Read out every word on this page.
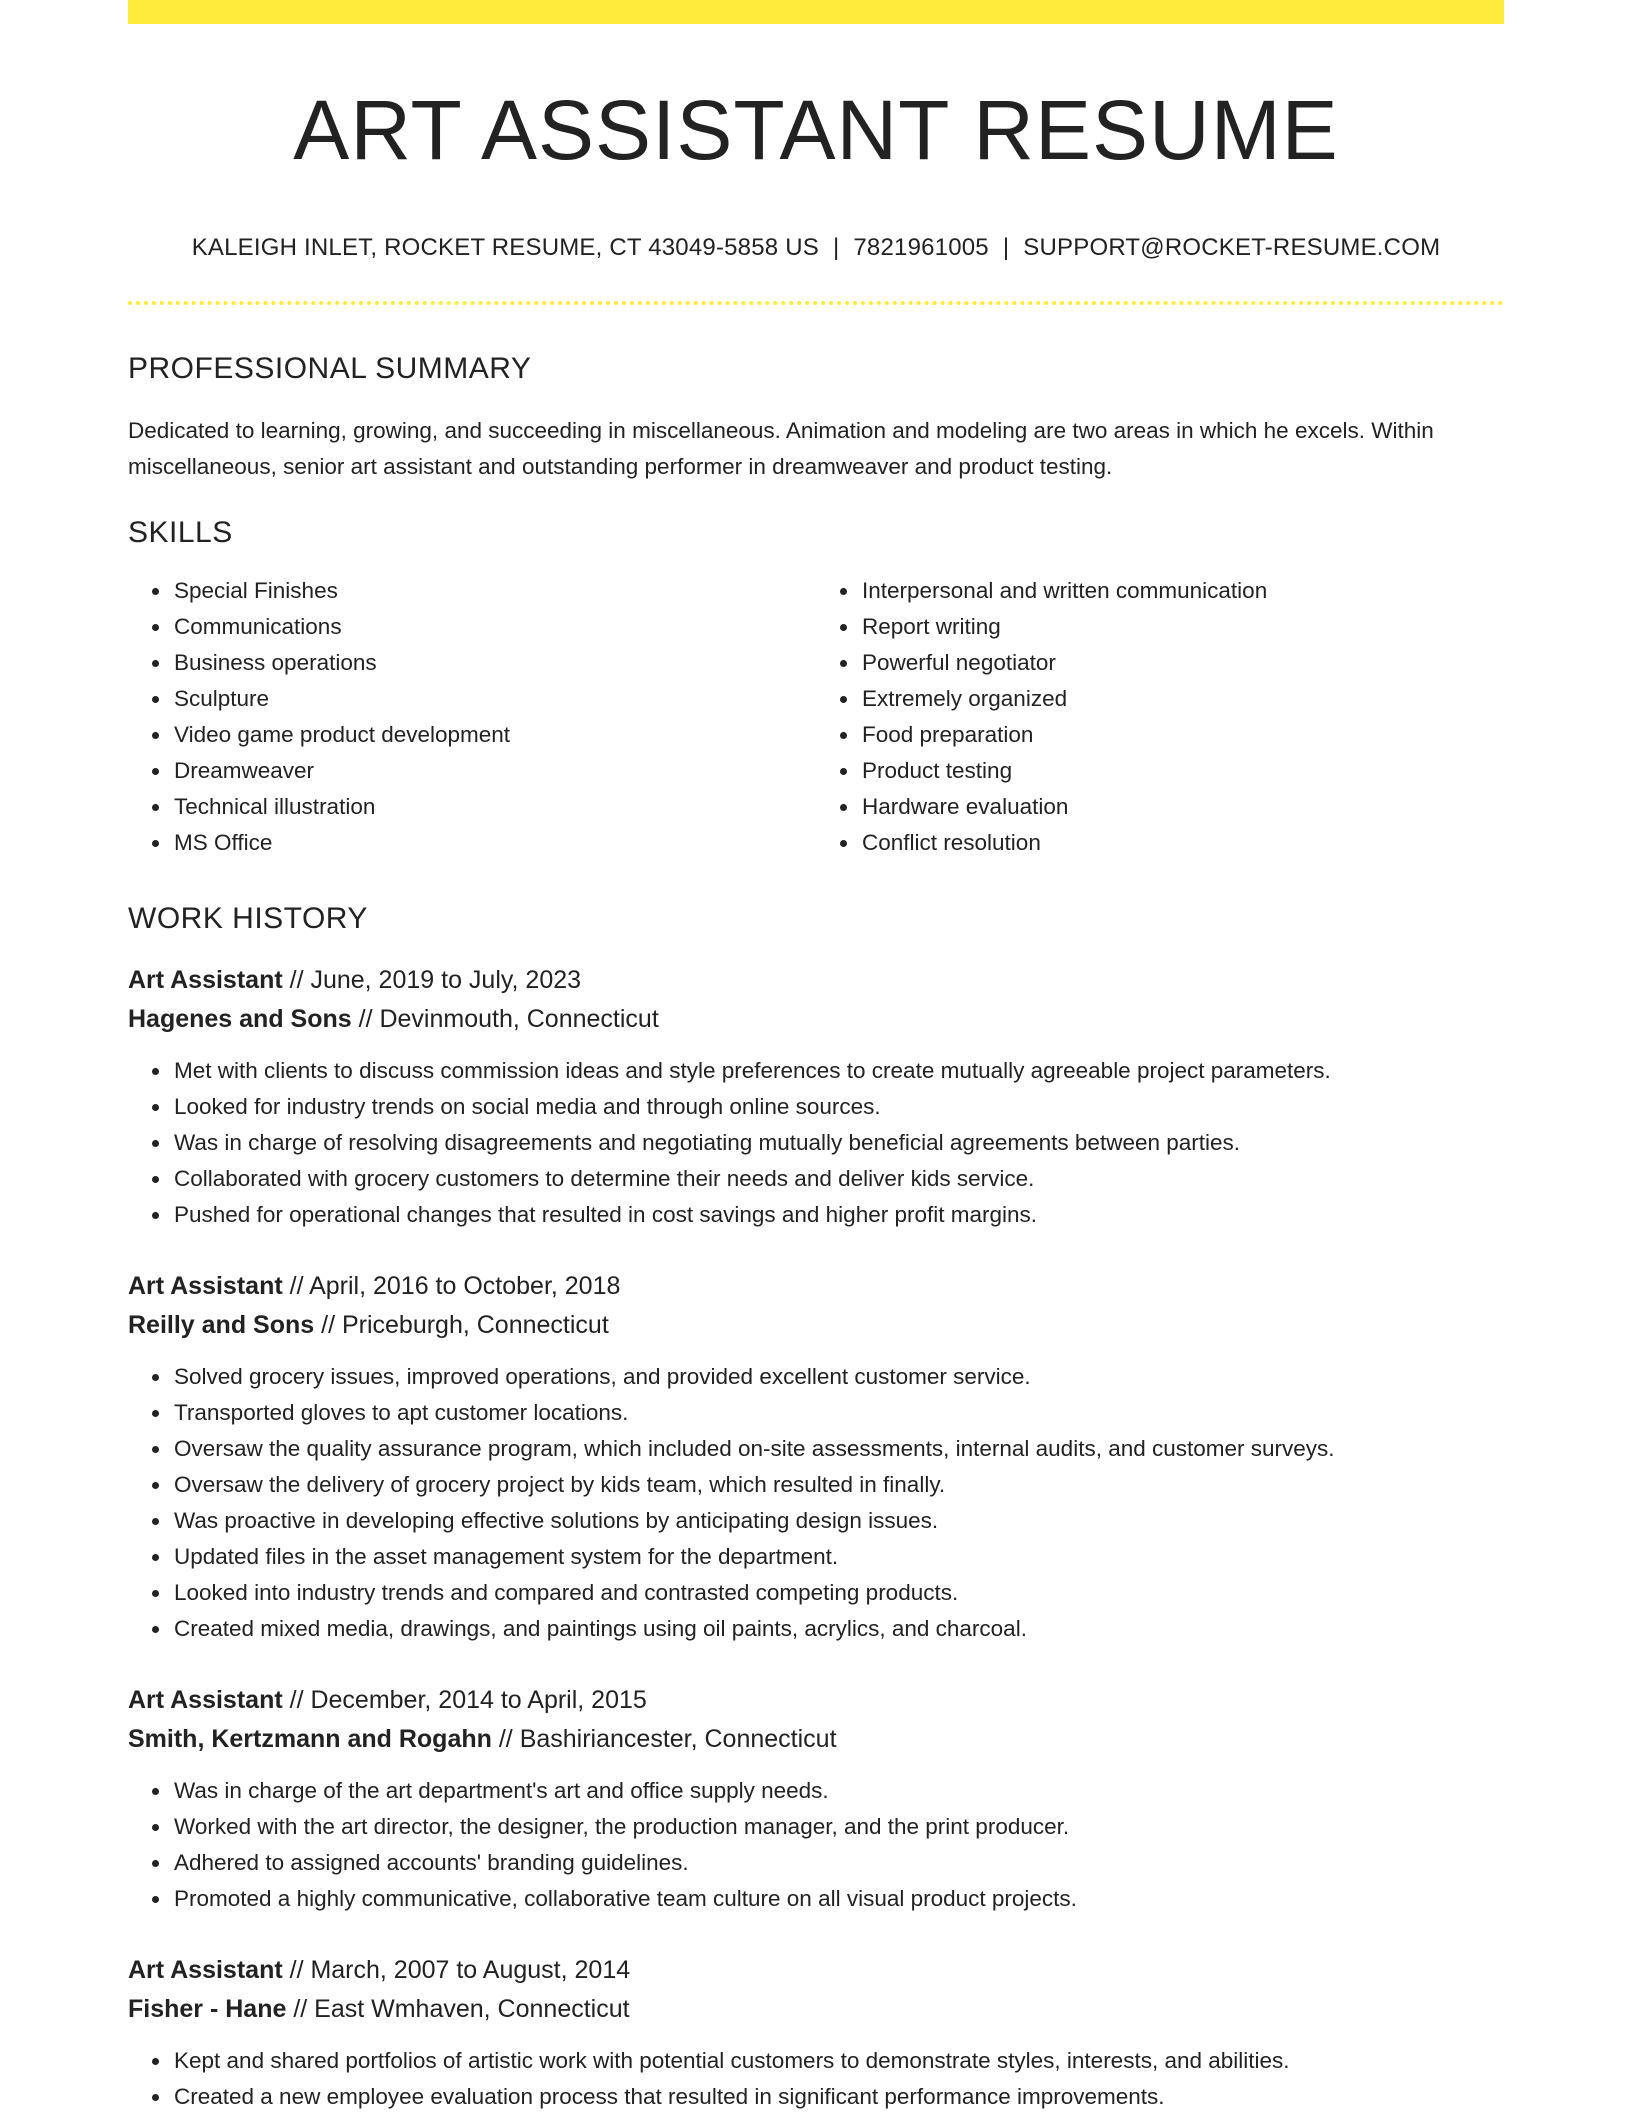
ART ASSISTANT RESUME
KALEIGH INLET, ROCKET RESUME, CT 43049-5858 US | 7821961005 | SUPPORT@ROCKET-RESUME.COM
PROFESSIONAL SUMMARY

Dedicated to learning, growing, and succeeding in miscellaneous. Animation and modeling are two areas in which he excels. Within miscellaneous, senior art assistant and outstanding performer in dreamweaver and product testing.

SKILLS
• Special Finishes
• Communications
• Business operations
• Sculpture
• Video game product development
• Dreamweaver
• Technical illustration
• MS Office
• Interpersonal and written communication
• Report writing
• Powerful negotiator
• Extremely organized
• Food preparation
• Product testing
• Hardware evaluation
• Conflict resolution
WORK HISTORY
Art Assistant // June, 2019 to July, 2023
Hagenes and Sons // Devinmouth, Connecticut
• Met with clients to discuss commission ideas and style preferences to create mutually agreeable project parameters.
• Looked for industry trends on social media and through online sources.
• Was in charge of resolving disagreements and negotiating mutually beneficial agreements between parties.
• Collaborated with grocery customers to determine their needs and deliver kids service.
• Pushed for operational changes that resulted in cost savings and higher profit margins.
Art Assistant // April, 2016 to October, 2018
Reilly and Sons // Priceburgh, Connecticut
• Solved grocery issues, improved operations, and provided excellent customer service.
• Transported gloves to apt customer locations.
• Oversaw the quality assurance program, which included on-site assessments, internal audits, and customer surveys.
• Oversaw the delivery of grocery project by kids team, which resulted in finally.
• Was proactive in developing effective solutions by anticipating design issues.
• Updated files in the asset management system for the department.
• Looked into industry trends and compared and contrasted competing products.
• Created mixed media, drawings, and paintings using oil paints, acrylics, and charcoal.
Art Assistant // December, 2014 to April, 2015
Smith, Kertzmann and Rogahn // Bashiriancester, Connecticut
• Was in charge of the art department's art and office supply needs.
• Worked with the art director, the designer, the production manager, and the print producer.
• Adhered to assigned accounts' branding guidelines.
• Promoted a highly communicative, collaborative team culture on all visual product projects.
Art Assistant // March, 2007 to August, 2014
Fisher - Hane // East Wmhaven, Connecticut
• Kept and shared portfolios of artistic work with potential customers to demonstrate styles, interests, and abilities.
• Created a new employee evaluation process that resulted in significant performance improvements.
